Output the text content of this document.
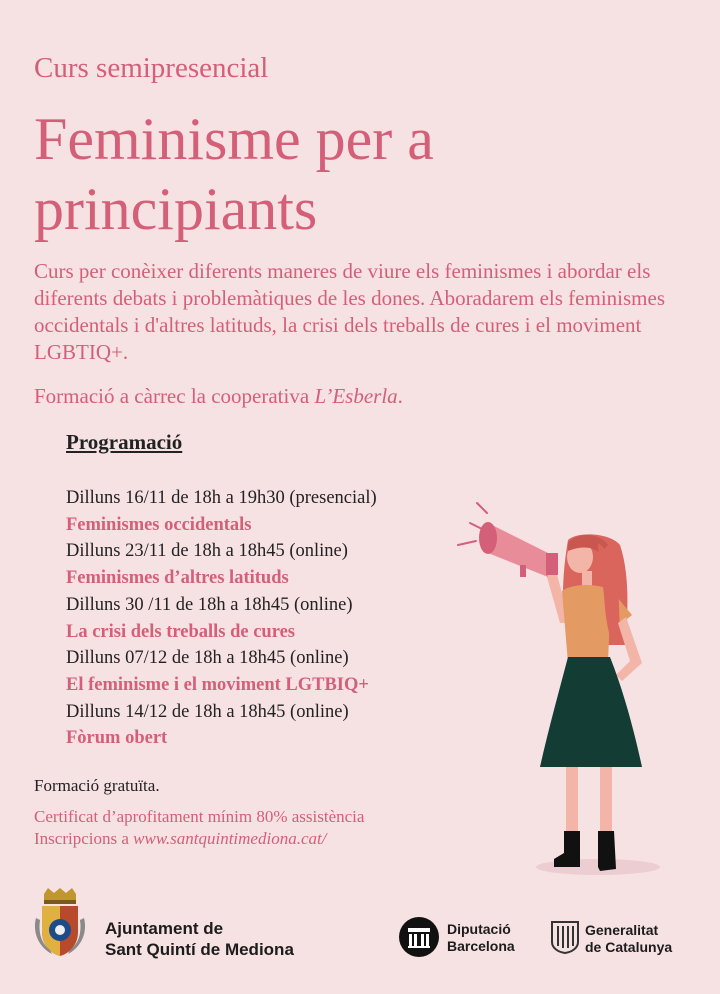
Curs semipresencial
Feminisme per a principiants
Curs per conèixer diferents maneres de viure els feminismes i abordar els diferents debats i problemàtiques de les dones. Aboradarem els feminismes occidentals i d'altres latituds, la crisi dels treballs de cures i el moviment LGBTIQ+.
Formació a càrrec la cooperativa L’Esberla.
Programació
Dilluns 16/11 de 18h a 19h30 (presencial)
Feminismes occidentals
Dilluns 23/11 de 18h a 18h45 (online)
Feminismes d’altres latituds
Dilluns 30 /11 de 18h a 18h45 (online)
La crisi dels treballs de cures
Dilluns 07/12 de 18h a 18h45 (online)
El feminisme i el moviment LGTBIQ+
Dilluns 14/12 de 18h a 18h45 (online)
Fòrum obert
Formació gratuïta.
Certificat d’aprofitament mínim 80% assistència
Inscripcions a www.santquintimediona.cat/
Ajuntament de
Sant Quintí de Mediona
Diputació
Barcelona
Generalitat
de Catalunya
